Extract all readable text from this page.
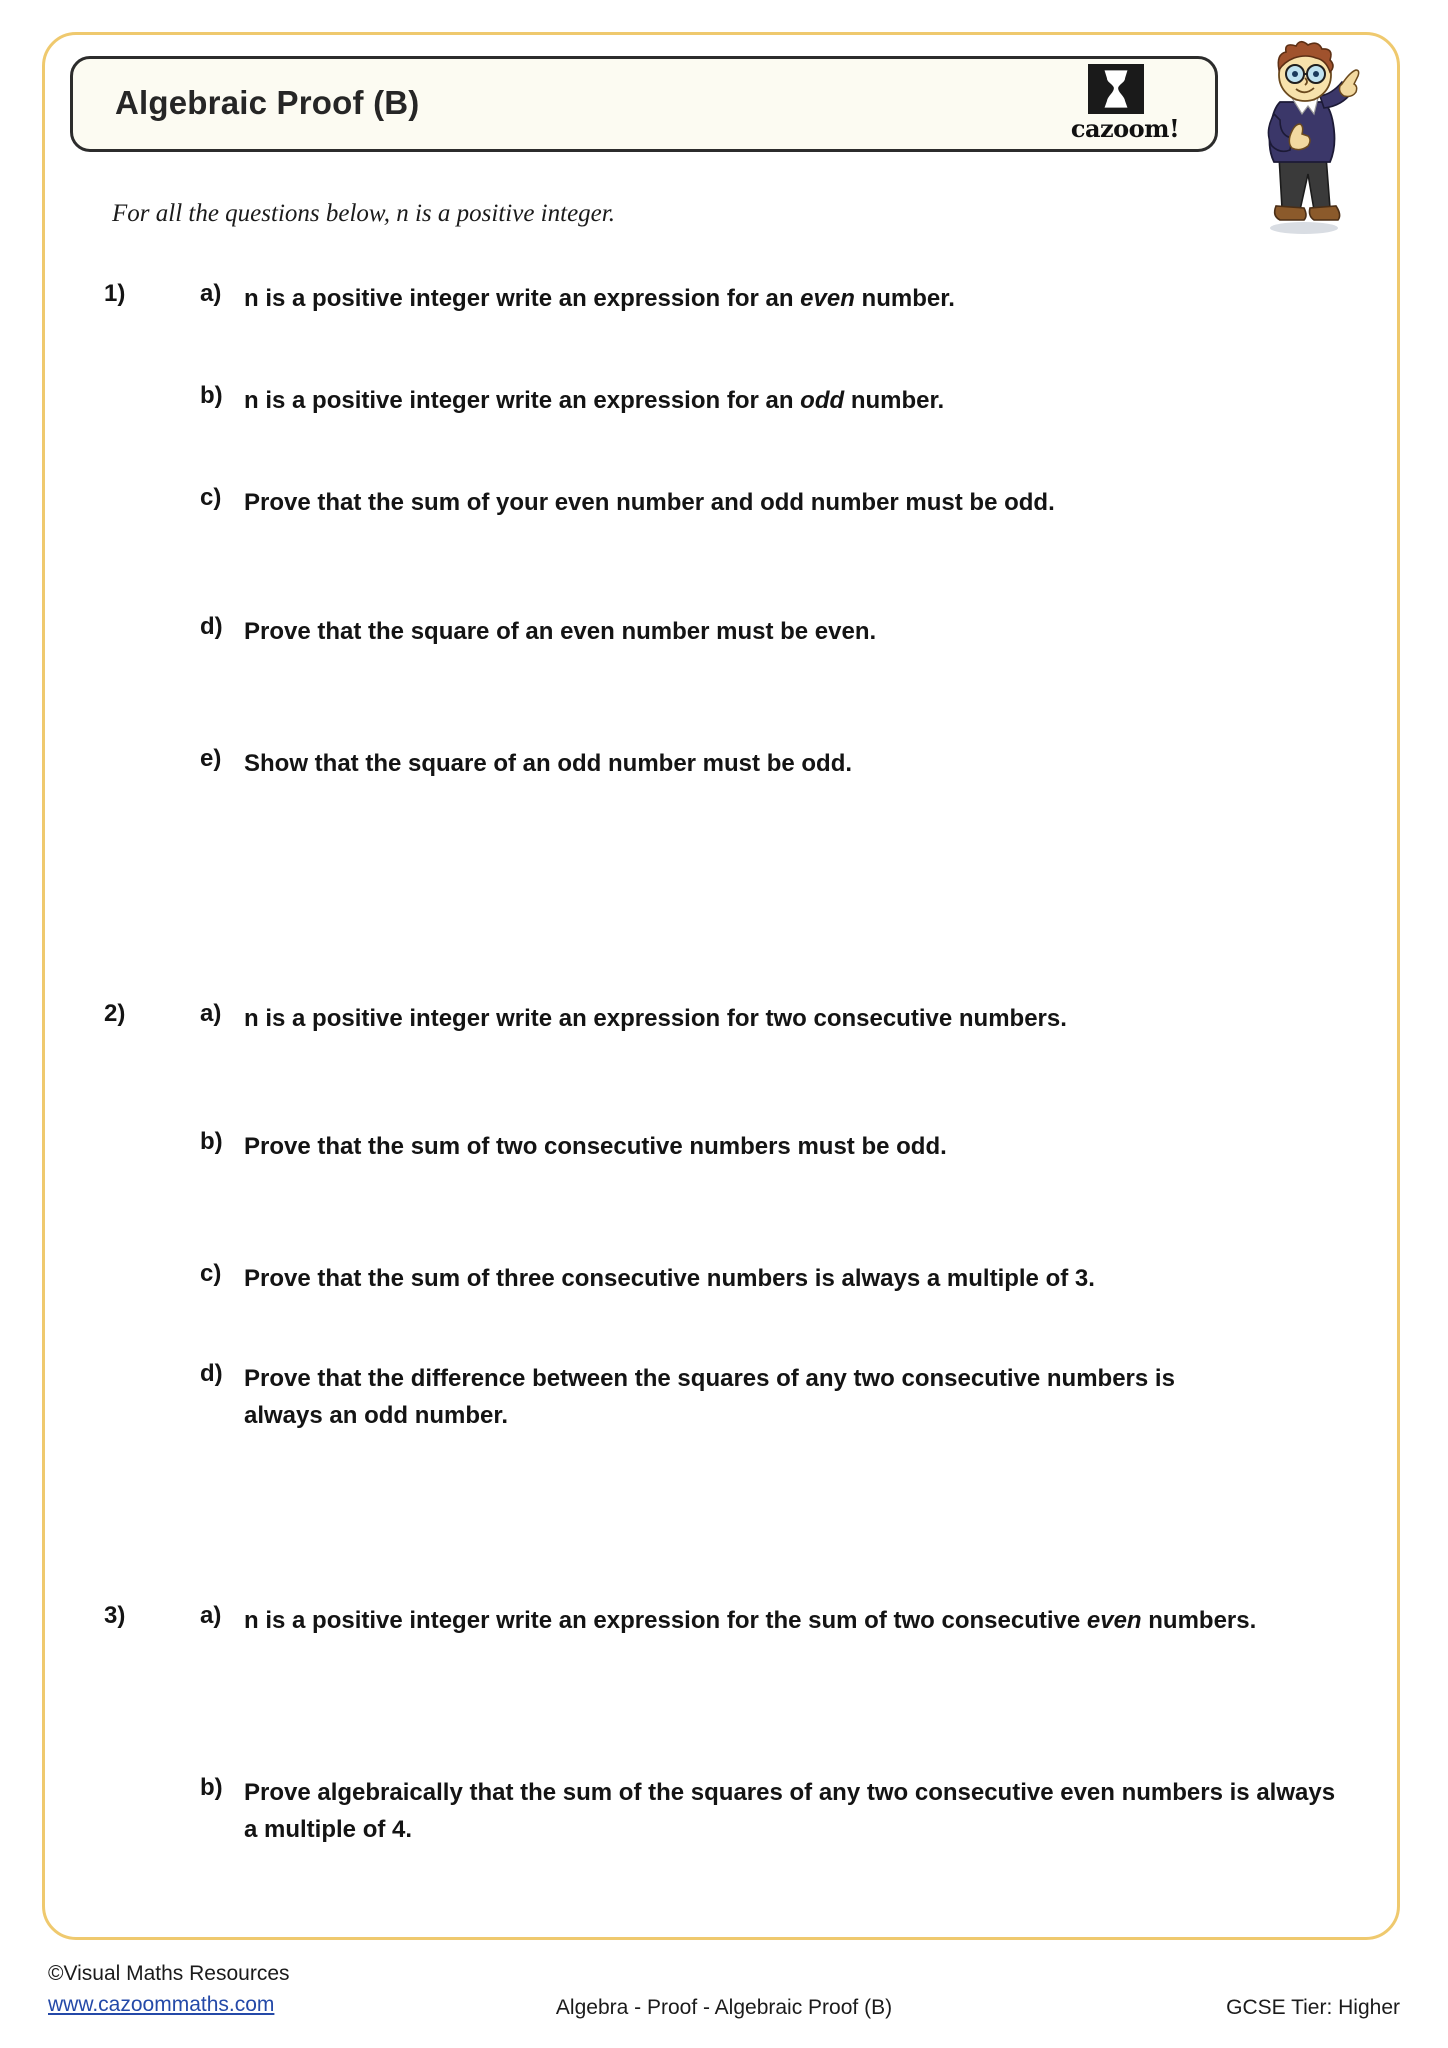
Algebraic Proof (B)
cazoom!
For all the questions below, n is a positive integer.
1)	a) n is a positive integer write an expression for an even number.
b) n is a positive integer write an expression for an odd number.
c) Prove that the sum of your even number and odd number must be odd.
d) Prove that the square of an even number must be even.
e) Show that the square of an odd number must be odd.
2)	a) n is a positive integer write an expression for two consecutive numbers.
b) Prove that the sum of two consecutive numbers must be odd.
c) Prove that the sum of three consecutive numbers is always a multiple of 3.
d) Prove that the difference between the squares of any two consecutive numbers is always an odd number.
3)	a) n is a positive integer write an expression for the sum of two consecutive even numbers.
b) Prove algebraically that the sum of the squares of any two consecutive even numbers is always a multiple of 4.
©Visual Maths Resources
www.cazoommaths.com	Algebra - Proof - Algebraic Proof (B)	GCSE Tier: Higher
